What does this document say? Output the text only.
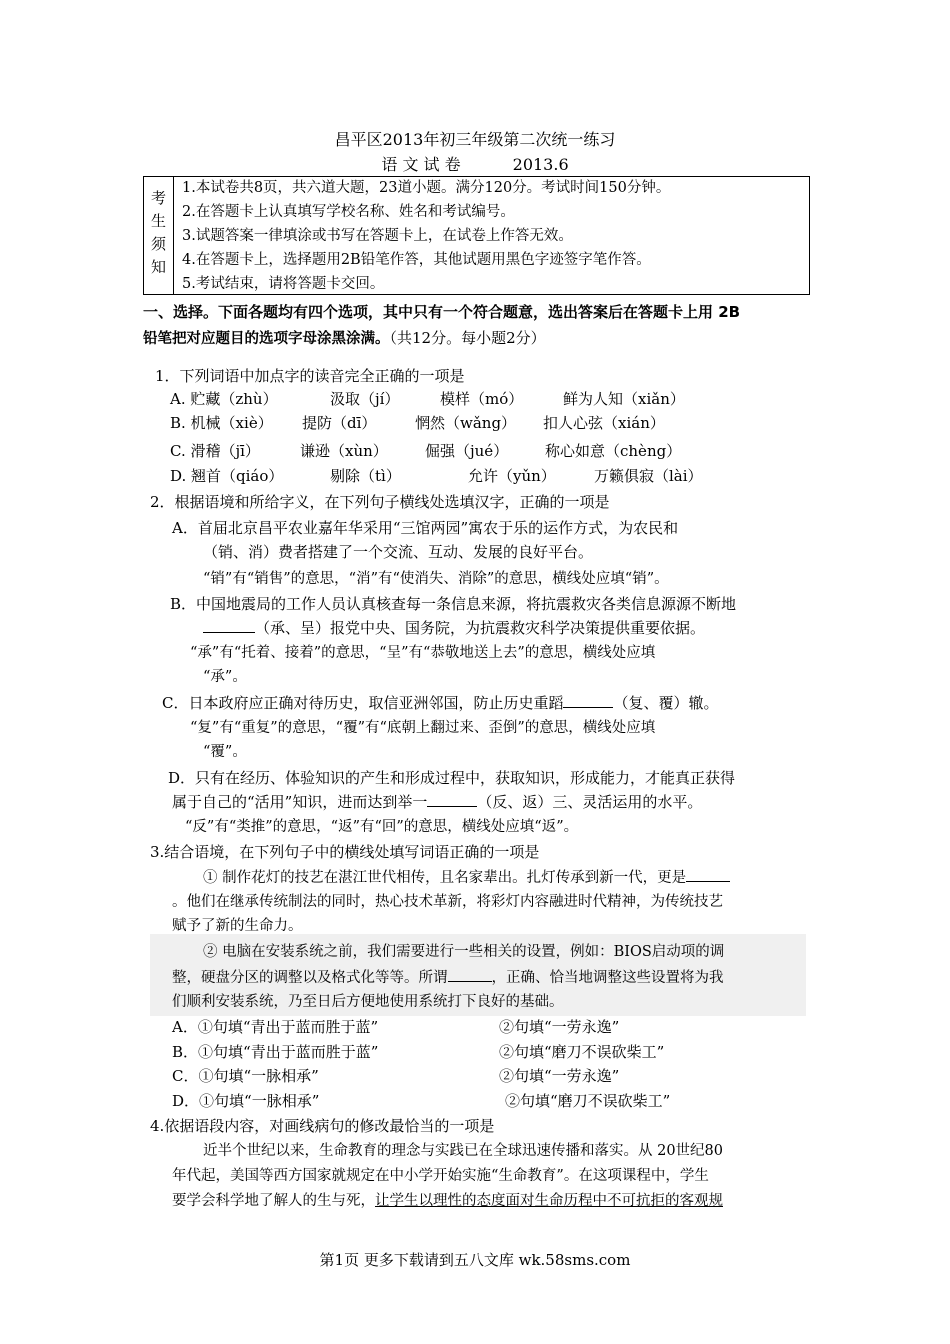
昌平区2013年初三年级第二次统一练习
语 文 试 卷	2013.6
考
生
须
知
1.本试卷共8页，共六道大题，23道小题。满分120分。考试时间150分钟。
2.在答题卡上认真填写学校名称、姓名和考试编号。
3.试题答案一律填涂或书写在答题卡上，在试卷上作答无效。
4.在答题卡上，选择题用2B铅笔作答，其他试题用黑色字迹签字笔作答。
5.考试结束，请将答题卡交回。
一、选择。下面各题均有四个选项，其中只有一个符合题意，选出答案后在答题卡上用 2B
铅笔把对应题目的选项字母涂黑涂满。（共12分。每小题2分）
1．下列词语中加点字的读音完全正确的一项是
A. 贮藏（zhù）	汲取（jí）	模样（mó）	鲜为人知（xiǎn）
B. 机械（xiè） 提防（dī）	惘然（wǎng） 扣人心弦（xián）
C. 滑稽（jī）	谦逊（xùn） 倔强（jué） 称心如意（chèng）
D. 翘首（qiáo）	剔除（tì）	允许（yǔn）	万籁俱寂（lài）
2．根据语境和所给字义，在下列句子横线处选填汉字，正确的一项是
A．首届北京昌平农业嘉年华采用“三馆两园”寓农于乐的运作方式，为农民和
（销、消）费者搭建了一个交流、互动、发展的良好平台。
“销”有“销售”的意思，“消”有“使消失、消除”的意思，横线处应填“销”。
B．中国地震局的工作人员认真核查每一条信息来源，将抗震救灾各类信息源源不断地
（承、呈）报党中央、国务院，为抗震救灾科学决策提供重要依据。
“承”有“托着、接着”的意思，“呈”有“恭敬地送上去”的意思，横线处应填
“承”。
C．日本政府应正确对待历史，取信亚洲邻国，防止历史重蹈	（复、覆）辙。
“复”有“重复”的意思，“覆”有“底朝上翻过来、歪倒”的意思，横线处应填
“覆”。
D．只有在经历、体验知识的产生和形成过程中，获取知识，形成能力，才能真正获得
属于自己的“活用”知识，进而达到举一	（反、返）三、灵活运用的水平。
“反”有“类推”的意思，“返”有“回”的意思，横线处应填“返”。
3.结合语境，在下列句子中的横线处填写词语正确的一项是
① 制作花灯的技艺在湛江世代相传，且名家辈出。扎灯传承到新一代，更是
。他们在继承传统制法的同时，热心技术革新，将彩灯内容融进时代精神，为传统技艺
赋予了新的生命力。
② 电脑在安装系统之前，我们需要进行一些相关的设置，例如：BIOS启动项的调
整，硬盘分区的调整以及格式化等等。所谓	，正确、恰当地调整这些设置将为我
们顺利安装系统，乃至日后方便地使用系统打下良好的基础。
A．①句填“青出于蓝而胜于蓝”	②句填“一劳永逸”
B．①句填“青出于蓝而胜于蓝”	②句填“磨刀不误砍柴工”
C．①句填“一脉相承”	②句填“一劳永逸”
D．①句填“一脉相承”	②句填“磨刀不误砍柴工”
4.依据语段内容，对画线病句的修改最恰当的一项是
近半个世纪以来，生命教育的理念与实践已在全球迅速传播和落实。从 20世纪80
年代起，美国等西方国家就规定在中小学开始实施“生命教育”。在这项课程中，学生
要学会科学地了解人的生与死，让学生以理性的态度面对生命历程中不可抗拒的客观规
第1页 更多下载请到五八文库 wk.58sms.com
